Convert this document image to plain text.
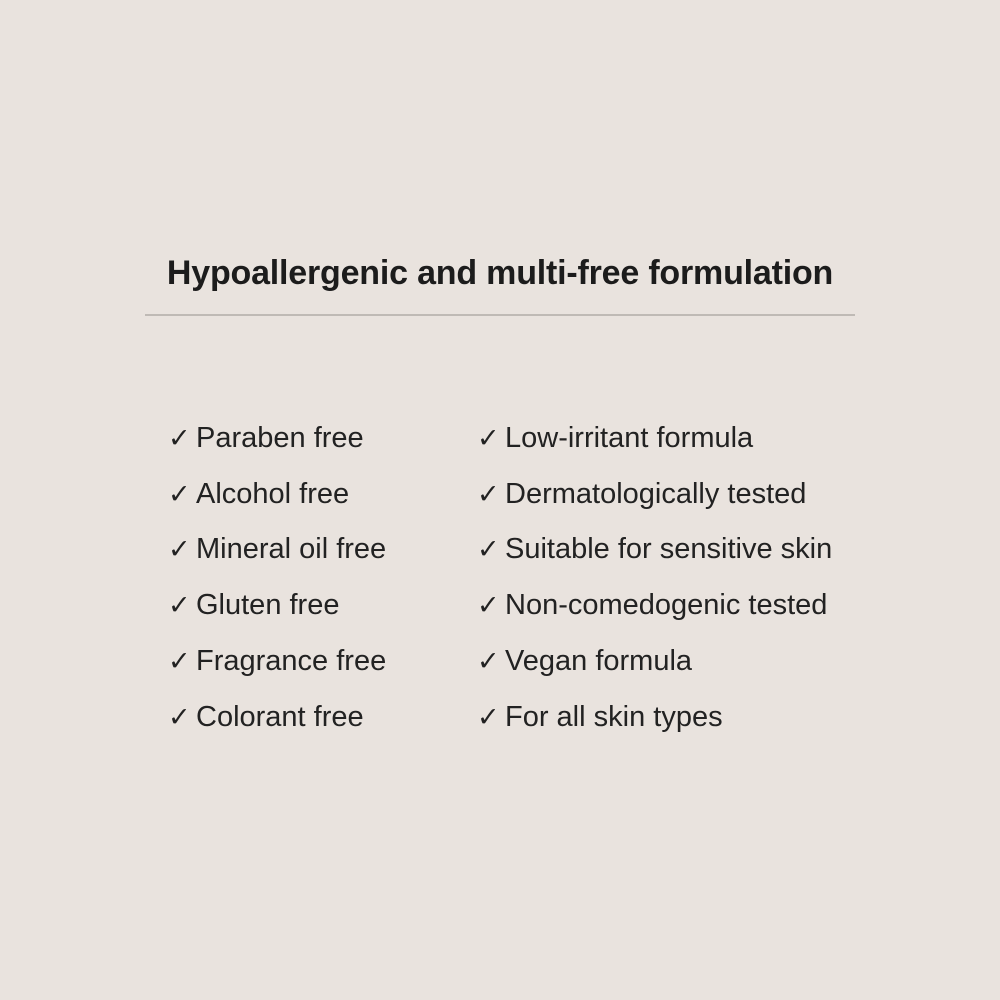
Hypoallergenic and multi-free formulation
✓ Paraben free
✓ Alcohol free
✓ Mineral oil free
✓ Gluten free
✓ Fragrance free
✓ Colorant free
✓ Low-irritant formula
✓ Dermatologically tested
✓ Suitable for sensitive skin
✓ Non-comedogenic tested
✓ Vegan formula
✓ For all skin types
